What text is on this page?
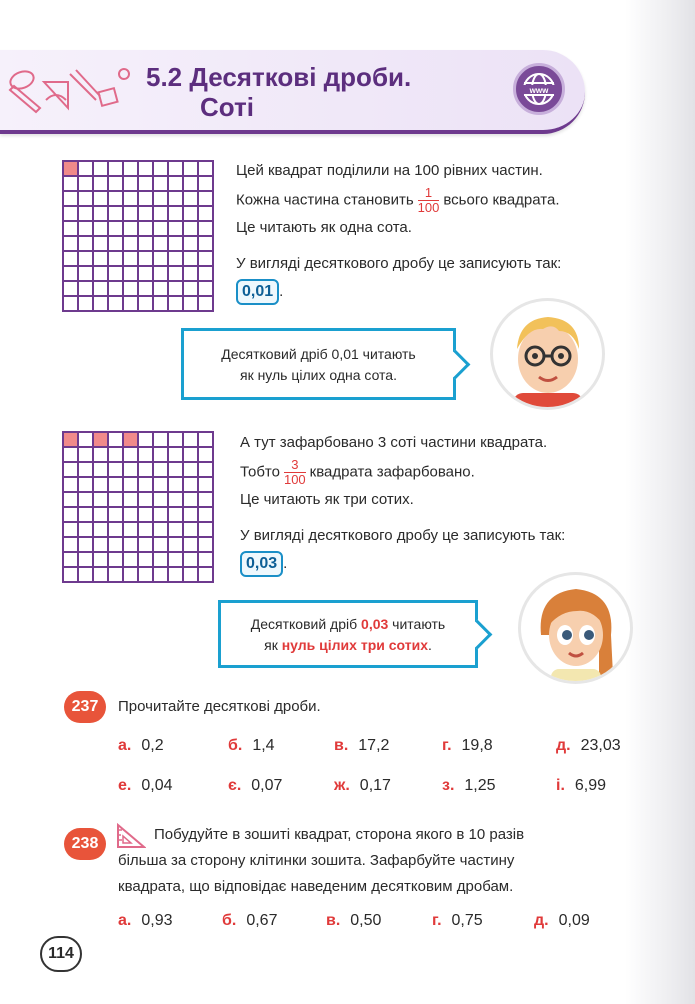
5.2 Десяткові дроби.
Соті
www
Цей квадрат поділили на 100 рівних частин.
Кожна частина становить $\frac{1}{100}$ всього квадрата.
Це читають як одна сота.
У вигляді десяткового дробу це записують так:
0,01 .
Десятковий дріб 0,01 читають
як нуль цілих одна сота.
А тут зафарбовано 3 соті частини квадрата.
Тобто $\frac{3}{100}$ квадрата зафарбовано.
Це читають як три сотих.
У вигляді десяткового дробу це записують так:
0,03 .
Десятковий дріб 0,03 читають
як нуль цілих три сотих.
237	Прочитайте десяткові дроби.
а. 0,2	б. 1,4	в. 17,2	г. 19,8	д. 23,03
е. 0,04	є. 0,07	ж. 0,17	з. 1,25	і. 6,99
238
Побудуйте в зошиті квадрат, сторона якого в 10 разів
більша за сторону клітинки зошита. Зафарбуйте частину
квадрата, що відповідає наведеним десятковим дробам.
а. 0,93	б. 0,67	в. 0,50	г. 0,75	д. 0,09
114
